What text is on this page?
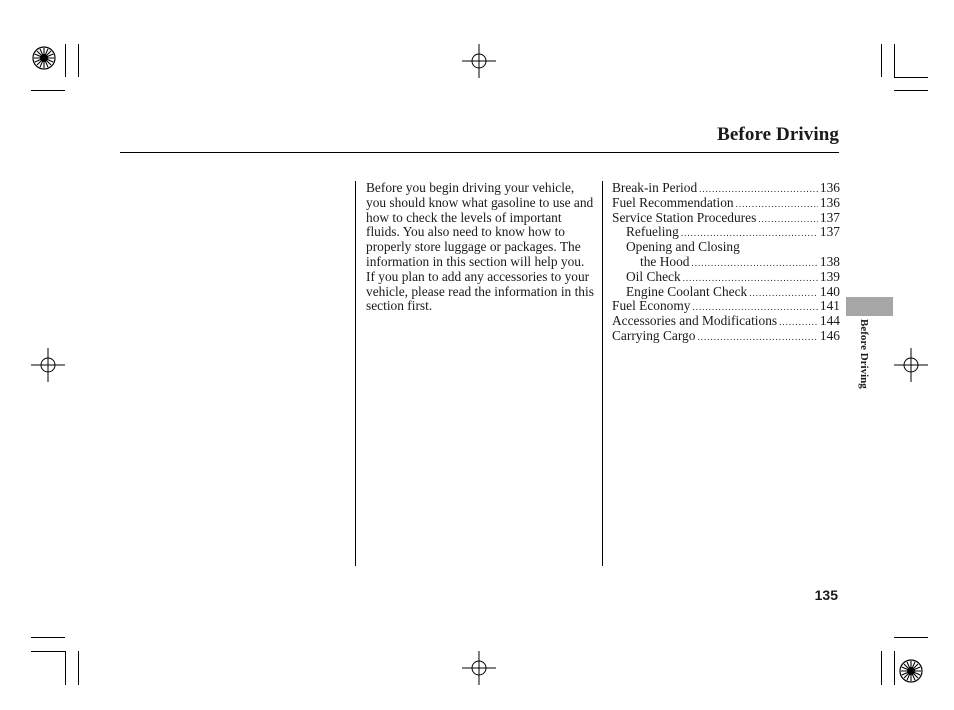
Before Driving

Before you begin driving your vehicle, you should know what gasoline to use and how to check the levels of important fluids. You also need to know how to properly store luggage or packages. The information in this section will help you. If you plan to add any accessories to your vehicle, please read the information in this section first.

Break-in Period .....	136
Fuel Recommendation .....	136
Service Station Procedures .....	137
Refueling .....	137
Opening and Closing
the Hood .....	138
Oil Check .....	139
Engine Coolant Check .....	140
Fuel Economy .....	141
Accessories and Modifications .....	144
Carrying Cargo .....	146 Before Driving
135
